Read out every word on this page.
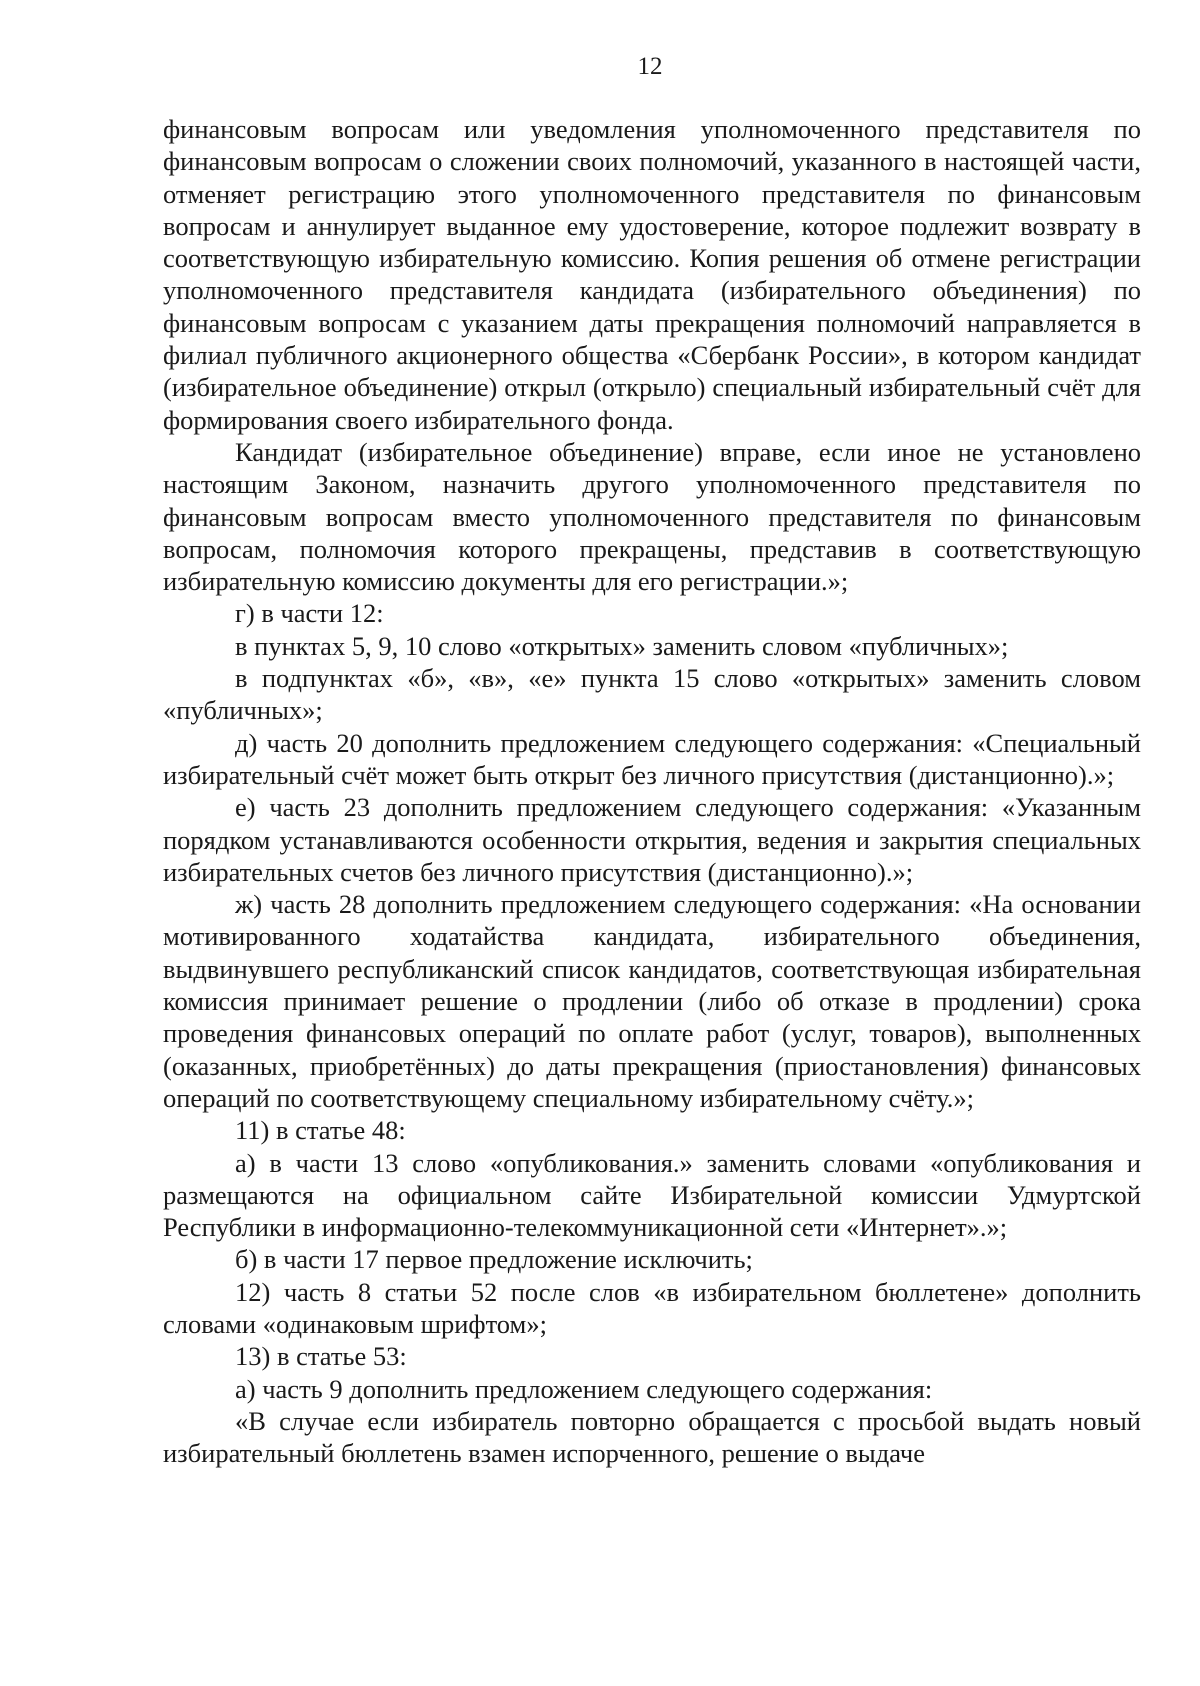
12

финансовым вопросам или уведомления уполномоченного представителя по финансовым вопросам о сложении своих полномочий, указанного в настоящей части, отменяет регистрацию этого уполномоченного представителя по финансовым вопросам и аннулирует выданное ему удостоверение, которое подлежит возврату в соответствующую избирательную комиссию. Копия решения об отмене регистрации уполномоченного представителя кандидата (избирательного объединения) по финансовым вопросам с указанием даты прекращения полномочий направляется в филиал публичного акционерного общества «Сбербанк России», в котором кандидат (избирательное объединение) открыл (открыло) специальный избирательный счёт для формирования своего избирательного фонда.

Кандидат (избирательное объединение) вправе, если иное не установлено настоящим Законом, назначить другого уполномоченного представителя по финансовым вопросам вместо уполномоченного представителя по финансовым вопросам, полномочия которого прекращены, представив в соответствующую избирательную комиссию документы для его регистрации.»;

г) в части 12:

в пунктах 5, 9, 10 слово «открытых» заменить словом «публичных»;

в подпунктах «б», «в», «е» пункта 15 слово «открытых» заменить словом «публичных»;

д) часть 20 дополнить предложением следующего содержания: «Специальный избирательный счёт может быть открыт без личного присутствия (дистанционно).»;

е) часть 23 дополнить предложением следующего содержания: «Указанным порядком устанавливаются особенности открытия, ведения и закрытия специальных избирательных счетов без личного присутствия (дистанционно).»;

ж) часть 28 дополнить предложением следующего содержания: «На основании мотивированного ходатайства кандидата, избирательного объединения, выдвинувшего республиканский список кандидатов, соответствующая избирательная комиссия принимает решение о продлении (либо об отказе в продлении) срока проведения финансовых операций по оплате работ (услуг, товаров), выполненных (оказанных, приобретённых) до даты прекращения (приостановления) финансовых операций по соответствующему специальному избирательному счёту.»;

11) в статье 48:

а) в части 13 слово «опубликования.» заменить словами «опубликования и размещаются на официальном сайте Избирательной комиссии Удмуртской Республики в информационно-телекоммуникационной сети «Интернет».»;

б) в части 17 первое предложение исключить;

12) часть 8 статьи 52 после слов «в избирательном бюллетене» дополнить словами «одинаковым шрифтом»;

13) в статье 53:

а) часть 9 дополнить предложением следующего содержания:

«В случае если избиратель повторно обращается с просьбой выдать новый избирательный бюллетень взамен испорченного, решение о выдаче
